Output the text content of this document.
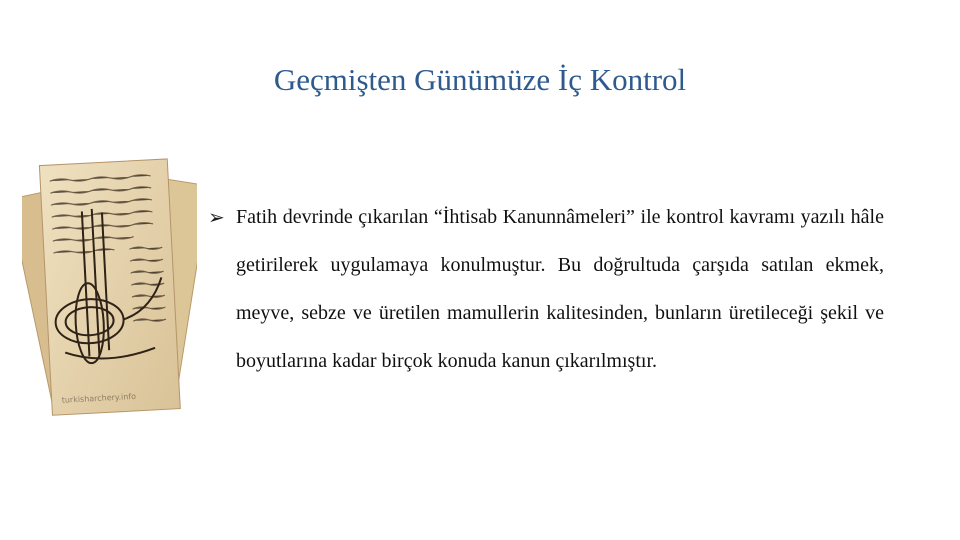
Geçmişten Günümüze İç Kontrol
turkisharchery.info
➢ Fatih devrinde çıkarılan “İhtisab Kanunnâmeleri” ile kontrol kavramı yazılı hâle getirilerek uygulamaya konulmuştur. Bu doğrultuda çarşıda satılan ekmek, meyve, sebze ve üretilen mamullerin kalitesinden, bunların üretileceği şekil ve boyutlarına kadar birçok konuda kanun çıkarılmıştır.
